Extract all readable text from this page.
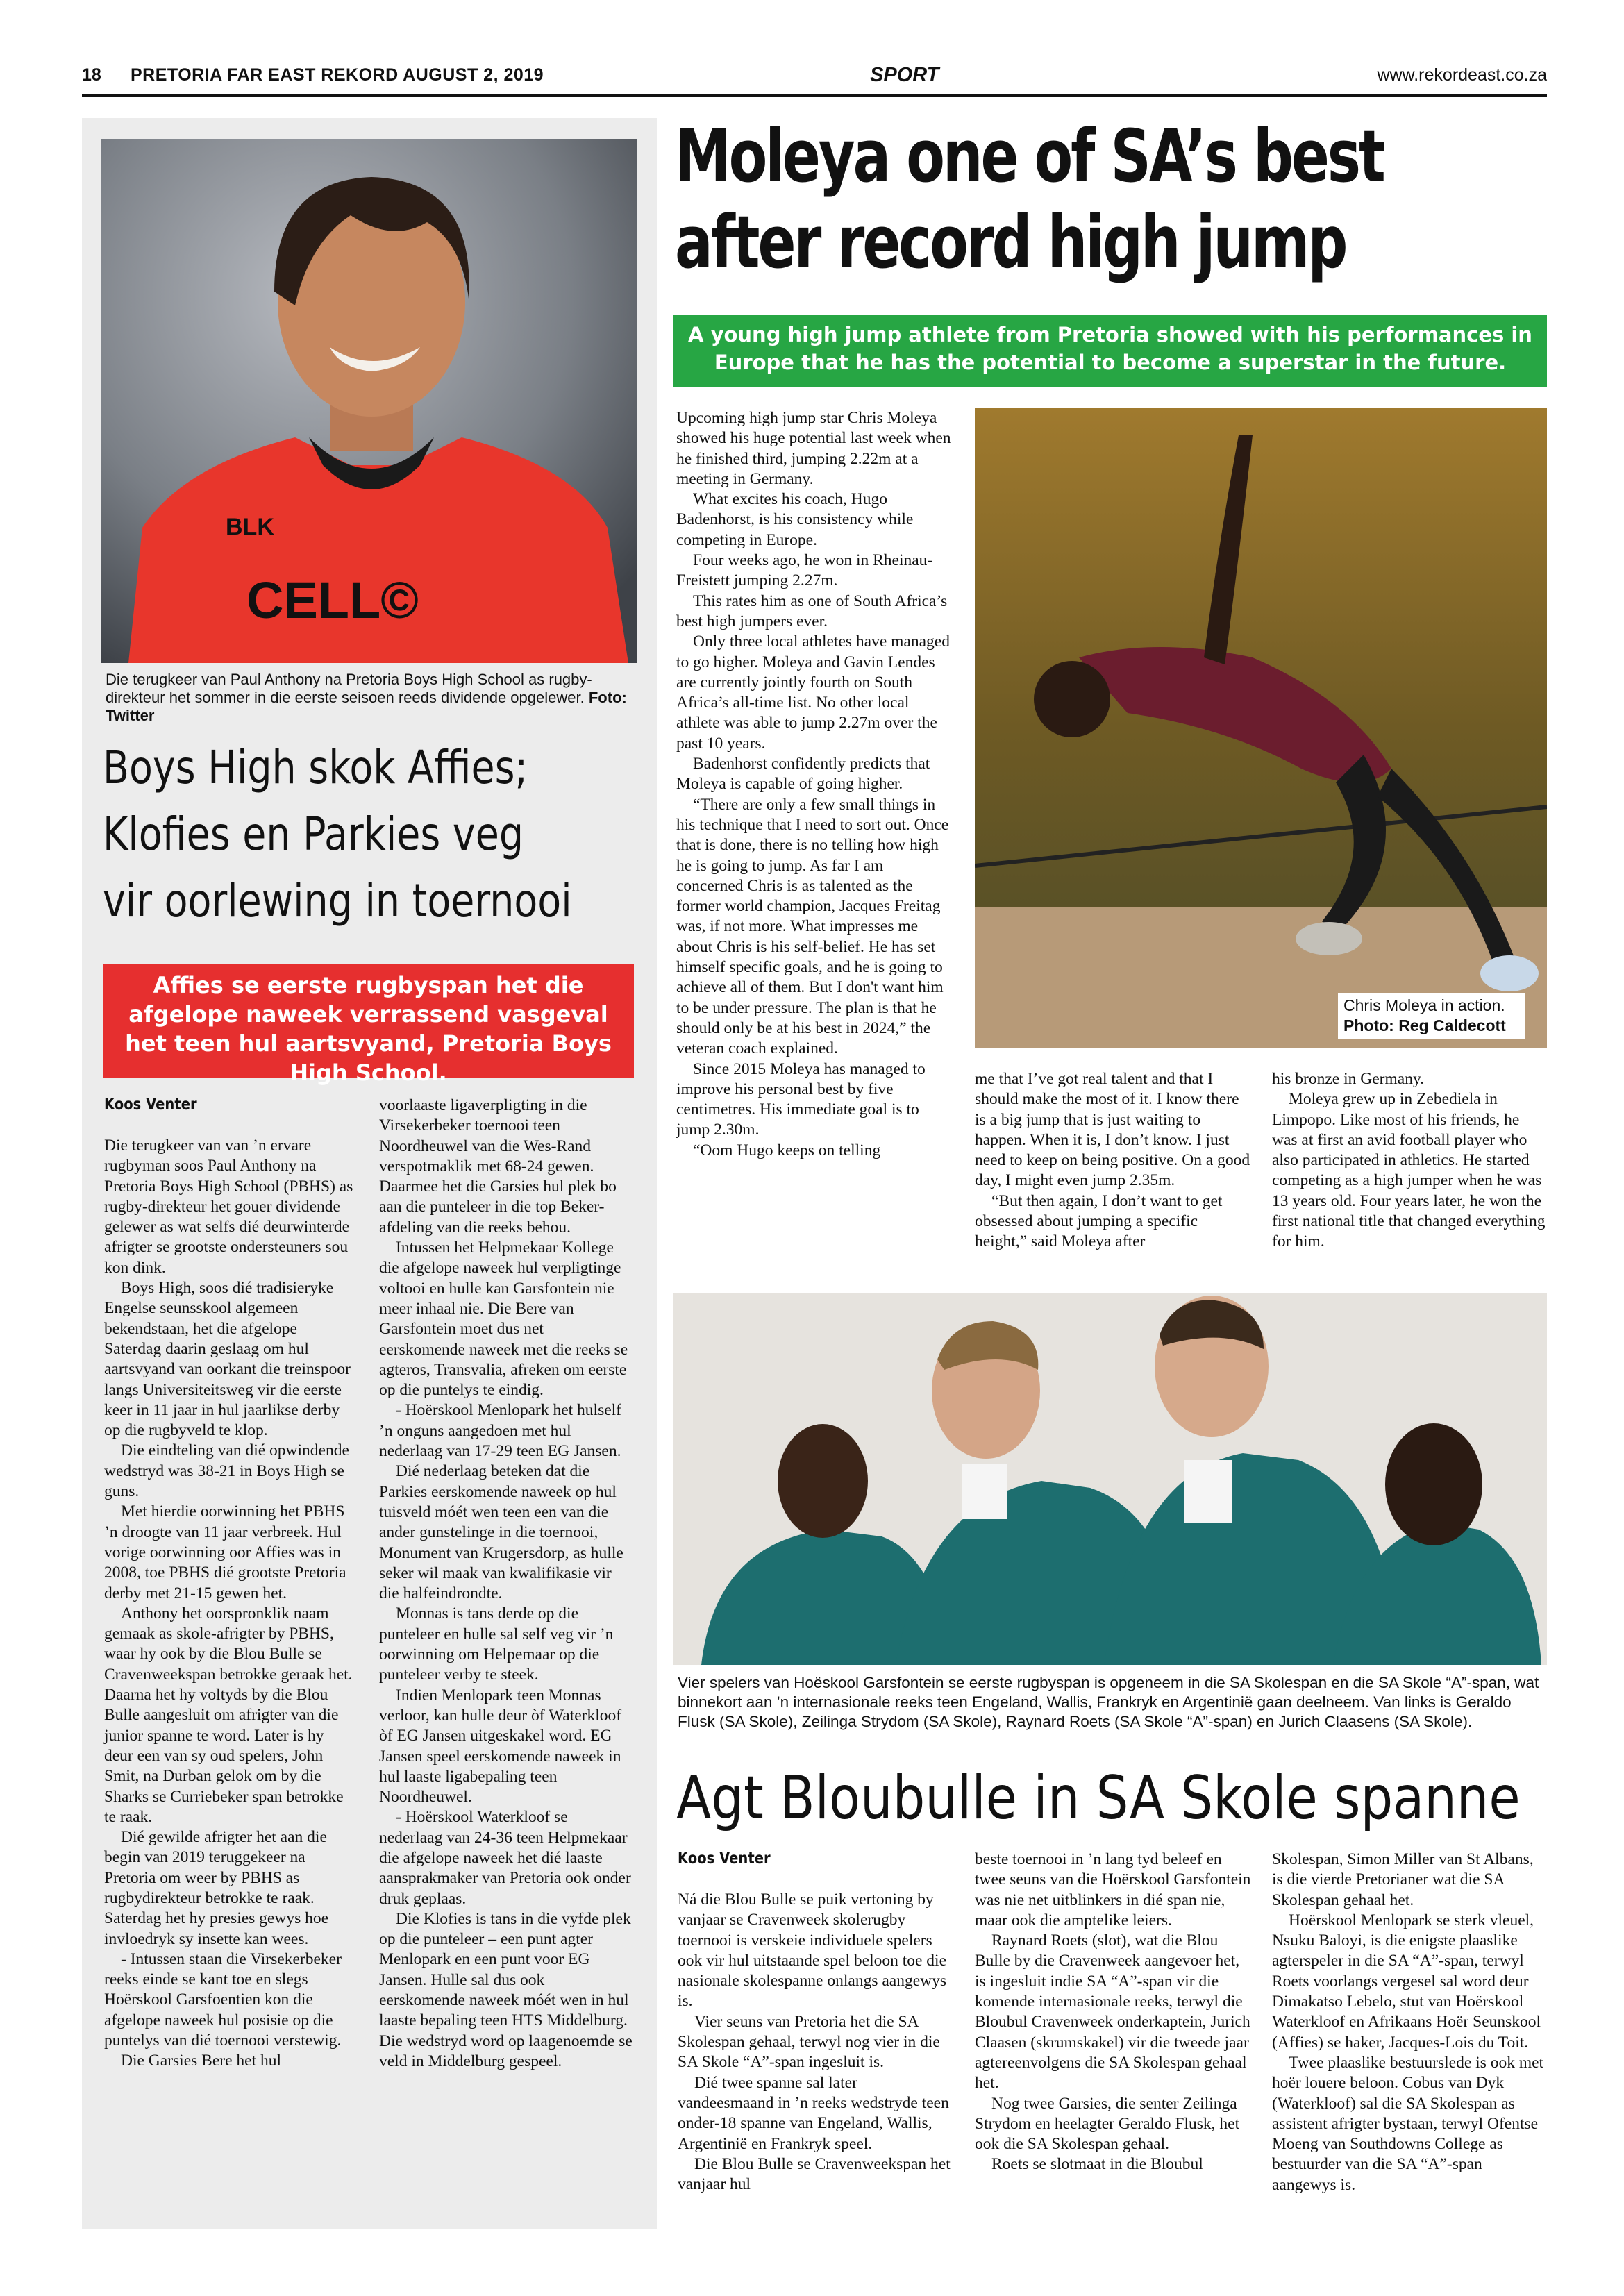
18 PRETORIA FAR EAST REKORD AUGUST 2, 2019	SPORT	www.rekordeast.co.za
BLK
CELL©
Die terugkeer van Paul Anthony na Pretoria Boys High School as rugby-direkteur het sommer in die eerste seisoen reeds dividende opgelewer. Foto: Twitter
Boys High skok Affies;
Klofies en Parkies veg
vir oorlewing in toernooi
Affies se eerste rugbyspan het die afgelope naweek verrassend vasgeval het teen hul aartsvyand, Pretoria Boys High School.
Koos Venter

Die terugkeer van van ’n ervare rugbyman soos Paul Anthony na Pretoria Boys High School (PBHS) as rugby-direkteur het gouer dividende gelewer as wat selfs dié deurwinterde afrigter se grootste ondersteuners sou kon dink.

Boys High, soos dié tradisieryke Engelse seunsskool algemeen bekendstaan, het die afgelope Saterdag daarin geslaag om hul aartsvyand van oorkant die treinspoor langs Universiteitsweg vir die eerste keer in 11 jaar in hul jaarlikse derby op die rugbyveld te klop.

Die eindteling van dié opwindende wedstryd was 38-21 in Boys High se guns.

Met hierdie oorwinning het PBHS ’n droogte van 11 jaar verbreek. Hul vorige oorwinning oor Affies was in 2008, toe PBHS dié grootste Pretoria derby met 21-15 gewen het.

Anthony het oorspronklik naam gemaak as skole-afrigter by PBHS, waar hy ook by die Blou Bulle se Cravenweekspan betrokke geraak het. Daarna het hy voltyds by die Blou Bulle aangesluit om afrigter van die junior spanne te word. Later is hy deur een van sy oud spelers, John Smit, na Durban gelok om by die Sharks se Curriebeker span betrokke te raak.

Dié gewilde afrigter het aan die begin van 2019 teruggekeer na Pretoria om weer by PBHS as rugbydirekteur betrokke te raak. Saterdag het hy presies gewys hoe invloedryk sy insette kan wees.

- Intussen staan die Virsekerbeker reeks einde se kant toe en slegs Hoërskool Garsfoentien kon die afgelope naweek hul posisie op die puntelys van dié toernooi verstewig.

Die Garsies Bere het hul

voorlaaste ligaverpligting in die Virsekerbeker toernooi teen Noordheuwel van die Wes-Rand verspotmaklik met 68-24 gewen. Daarmee het die Garsies hul plek bo aan die punteleer in die top Beker-afdeling van die reeks behou.

Intussen het Helpmekaar Kollege die afgelope naweek hul verpligtinge voltooi en hulle kan Garsfontein nie meer inhaal nie. Die Bere van Garsfontein moet dus net eerskomende naweek met die reeks se agteros, Transvalia, afreken om eerste op die puntelys te eindig.

- Hoërskool Menlopark het hulself ’n onguns aangedoen met hul nederlaag van 17-29 teen EG Jansen.

Dié nederlaag beteken dat die Parkies eerskomende naweek op hul tuisveld móét wen teen een van die ander gunstelinge in die toernooi, Monument van Krugersdorp, as hulle seker wil maak van kwalifikasie vir die halfeindrondte.

Monnas is tans derde op die punteleer en hulle sal self veg vir ’n oorwinning om Helpemaar op die punteleer verby te steek.

Indien Menlopark teen Monnas verloor, kan hulle deur òf Waterkloof òf EG Jansen uitgeskakel word. EG Jansen speel eerskomende naweek in hul laaste ligabepaling teen Noordheuwel.

- Hoërskool Waterkloof se nederlaag van 24-36 teen Helpmekaar die afgelope naweek het dié laaste aansprakmaker van Pretoria ook onder druk geplaas.

Die Klofies is tans in die vyfde plek op die punteleer – een punt agter Menlopark en een punt voor EG Jansen. Hulle sal dus ook eerskomende naweek móét wen in hul laaste bepaling teen HTS Middelburg. Die wedstryd word op laagenoemde se veld in Middelburg gespeel.

Moleya one of SA’s best
after record high jump
A young high jump athlete from Pretoria showed with his performances in Europe that he has the potential to become a superstar in the future.

Upcoming high jump star Chris Moleya showed his huge potential last week when he finished third, jumping 2.22m at a meeting in Germany.

What excites his coach, Hugo Badenhorst, is his consistency while competing in Europe.

Four weeks ago, he won in Rheinau-Freistett jumping 2.27m.

This rates him as one of South Africa’s best high jumpers ever.

Only three local athletes have managed to go higher. Moleya and Gavin Lendes are currently jointly fourth on South Africa’s all-time list. No other local athlete was able to jump 2.27m over the past 10 years.

Badenhorst confidently predicts that Moleya is capable of going higher.

“There are only a few small things in his technique that I need to sort out. Once that is done, there is no telling how high he is going to jump. As far I am concerned Chris is as talented as the former world champion, Jacques Freitag was, if not more. What impresses me about Chris is his self-belief. He has set himself specific goals, and he is going to achieve all of them. But I don't want him to be under pressure. The plan is that he should only be at his best in 2024,” the veteran coach explained.

Since 2015 Moleya has managed to improve his personal best by five centimetres. His immediate goal is to jump 2.30m.

“Oom Hugo keeps on telling

Chris Moleya in action.
Photo: Reg Caldecott

me that I’ve got real talent and that I should make the most of it. I know there is a big jump that is just waiting to happen. When it is, I don’t know. I just need to keep on being positive. On a good day, I might even jump 2.35m.

“But then again, I don’t want to get obsessed about jumping a specific height,” said Moleya after

his bronze in Germany.

Moleya grew up in Zebediela in Limpopo. Like most of his friends, he was at first an avid football player who also participated in athletics. He started competing as a high jumper when he was 13 years old. Four years later, he won the first national title that changed everything for him.

Vier spelers van Hoëskool Garsfontein se eerste rugbyspan is opgeneem in die SA Skolespan en die SA Skole “A”-span, wat binnekort aan ’n internasionale reeks teen Engeland, Wallis, Frankryk en Argentinië gaan deelneem. Van links is Geraldo Flusk (SA Skole), Zeilinga Strydom (SA Skole), Raynard Roets (SA Skole “A”-span) en Jurich Claasens (SA Skole).
Agt Bloubulle in SA Skole spanne
Koos Venter

Ná die Blou Bulle se puik vertoning by vanjaar se Cravenweek skolerugby toernooi is verskeie individuele spelers ook vir hul uitstaande spel beloon toe die nasionale skolespanne onlangs aangewys is.

Vier seuns van Pretoria het die SA Skolespan gehaal, terwyl nog vier in die SA Skole “A”-span ingesluit is.

Dié twee spanne sal later vandeesmaand in ’n reeks wedstryde teen onder-18 spanne van Engeland, Wallis, Argentinië en Frankryk speel.

Die Blou Bulle se Cravenweekspan het vanjaar hul

beste toernooi in ’n lang tyd beleef en twee seuns van die Hoërskool Garsfontein was nie net uitblinkers in dié span nie, maar ook die amptelike leiers.

Raynard Roets (slot), wat die Blou Bulle by die Cravenweek aangevoer het, is ingesluit indie SA “A”-span vir die komende internasionale reeks, terwyl die Bloubul Cravenweek onderkaptein, Jurich Claasen (skrumskakel) vir die tweede jaar agtereenvolgens die SA Skolespan gehaal het.

Nog twee Garsies, die senter Zeilinga Strydom en heelagter Geraldo Flusk, het ook die SA Skolespan gehaal.

Roets se slotmaat in die Bloubul

Skolespan, Simon Miller van St Albans, is die vierde Pretorianer wat die SA Skolespan gehaal het.

Hoërskool Menlopark se sterk vleuel, Nsuku Baloyi, is die enigste plaaslike agterspeler in die SA “A”-span, terwyl Roets voorlangs vergesel sal word deur Dimakatso Lebelo, stut van Hoërskool Waterkloof en Afrikaans Hoër Seunskool (Affies) se haker, Jacques-Lois du Toit.

Twee plaaslike bestuurslede is ook met hoër louere beloon. Cobus van Dyk (Waterkloof) sal die SA Skolespan as assistent afrigter bystaan, terwyl Ofentse Moeng van Southdowns College as bestuurder van die SA “A”-span aangewys is.
